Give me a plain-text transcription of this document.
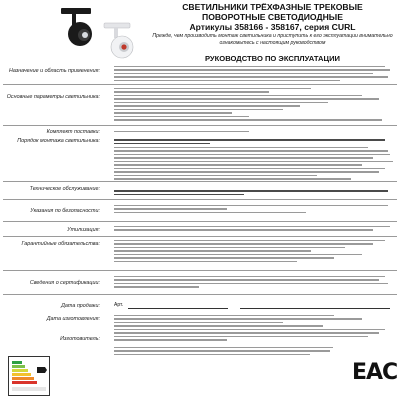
СВЕТИЛЬНИКИ ТРЁХФАЗНЫЕ ТРЕКОВЫЕ ПОВОРОТНЫЕ СВЕТОДИОДНЫЕ
Артикулы 358166 - 358167, серия CURL
Прежде, чем производить монтаж светильника и приступить к его эксплуатации внимательно ознакомьтесь с настоящим руководством
РУКОВОДСТВО ПО ЭКСПЛУАТАЦИИ
Назначение и область применения:
Основные параметры светильника:
Комплект поставки:
Порядок монтажа светильника:
Техническое обслуживание:
Указания по безопасности:
Утилизация:
Гарантийные обязательства:
Сведения о сертификации:
Дата продажи:	Арт.
Дата изготовления:
Изготовитель:
EAC
